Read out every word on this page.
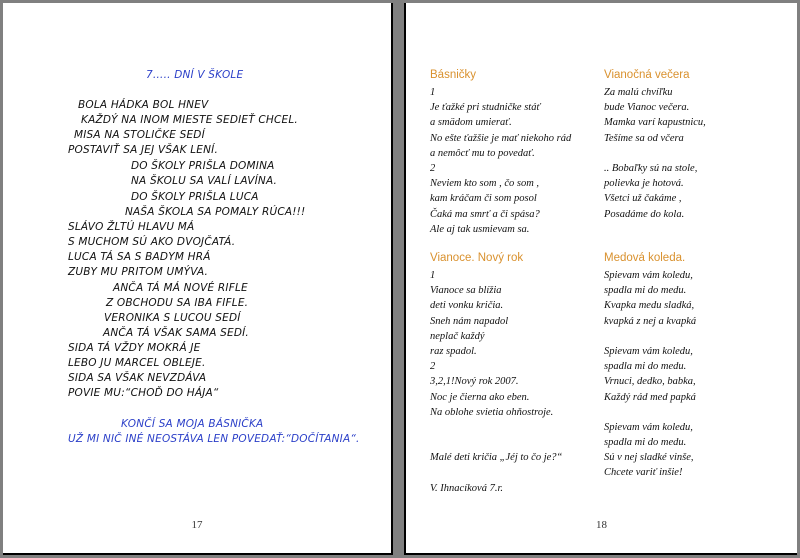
7….. DNÍ V ŠKOLE
BOLA HÁDKA BOL HNEV
KAŽDÝ NA INOM MIESTE SEDIEŤ CHCEL.
MISA NA STOLIČKE SEDÍ
POSTAVIŤ SA JEJ VŠAK LENÍ.
DO ŠKOLY PRIŠLA DOMINA
NA ŠKOLU SA VALÍ LAVÍNA.
DO ŠKOLY PRIŠLA LUCA
NAŠA ŠKOLA SA POMALY RÚCA!!!
SLÁVO ŽLTÚ HLAVU MÁ
S MUCHOM SÚ AKO DVOJČATÁ.
LUCA TÁ SA S BADYM HRÁ
ZUBY MU PRITOM UMÝVA.
ANČA TÁ MÁ NOVÉ RIFLE
Z OBCHODU SA IBA FIFLE.
VERONIKA S LUCOU SEDÍ
ANČA TÁ VŠAK SAMA SEDÍ.
SIDA TÁ VŽDY MOKRÁ JE
LEBO JU MARCEL OBLEJE.
SIDA SA VŠAK NEVZDÁVA
POVIE MU:“CHOĎ DO HÁJA“
KONČÍ SA MOJA BÁSNIČKA
UŽ MI NIČ INÉ NEOSTÁVA LEN POVEDAŤ:“DOČÍTANIA“.
17
Básničky
1
Je ťažké pri studničke stáť
a smädom umierať.
No ešte ťažšie je mať niekoho rád
a nemôcť mu to povedať.
2
Neviem kto som , čo som ,
kam kráčam či som posol
Čaká ma smrť a či spása?
Ale aj tak usmievam sa.
Vianočná večera
Za malú chvíľku
bude Vianoc večera.
Mamka varí kapustnicu,
Tešíme sa od včera
.. Bobaľky sú na stole,
polievka je hotová.
Všetci už čakáme ,
Posadáme do kola.
Vianoce. Nový rok
1
Vianoce sa blížia
deti vonku kričia.
Sneh nám napadol
neplač každý
raz spadol.
2
3,2,1!Nový rok 2007.
Noc je čierna ako eben.
Na oblohe svietia ohňostroje.
Malé deti kričia „Jéj to čo je?“
V. Ihnacíková 7.r.
Medová koleda.
Spievam vám koledu,
spadla mi do medu.
Kvapka medu sladká,
kvapká z nej a kvapká
Spievam vám koledu,
spadla mi do medu.
Vrnuci, dedko, babka,
Každý rád med papká
Spievam vám koledu,
spadla mi do medu.
Sú v nej sladké vinše,
Chcete variť inšie!
18
